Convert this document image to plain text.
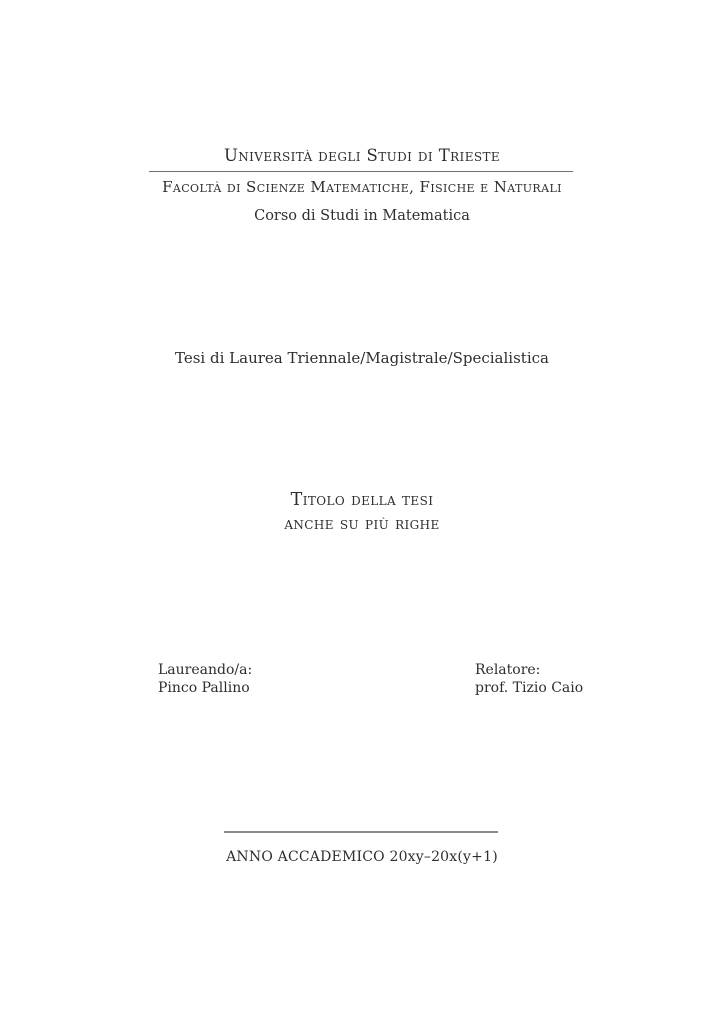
Università degli Studi di Trieste
Facoltà di Scienze Matematiche, Fisiche e Naturali
Corso di Studi in Matematica
Tesi di Laurea Triennale/Magistrale/Specialistica
Titolo della tesi
anche su più righe
Laureando/a:
Pinco Pallino
Relatore:
prof. Tizio Caio
ANNO ACCADEMICO 20xy–20x(y+1)
